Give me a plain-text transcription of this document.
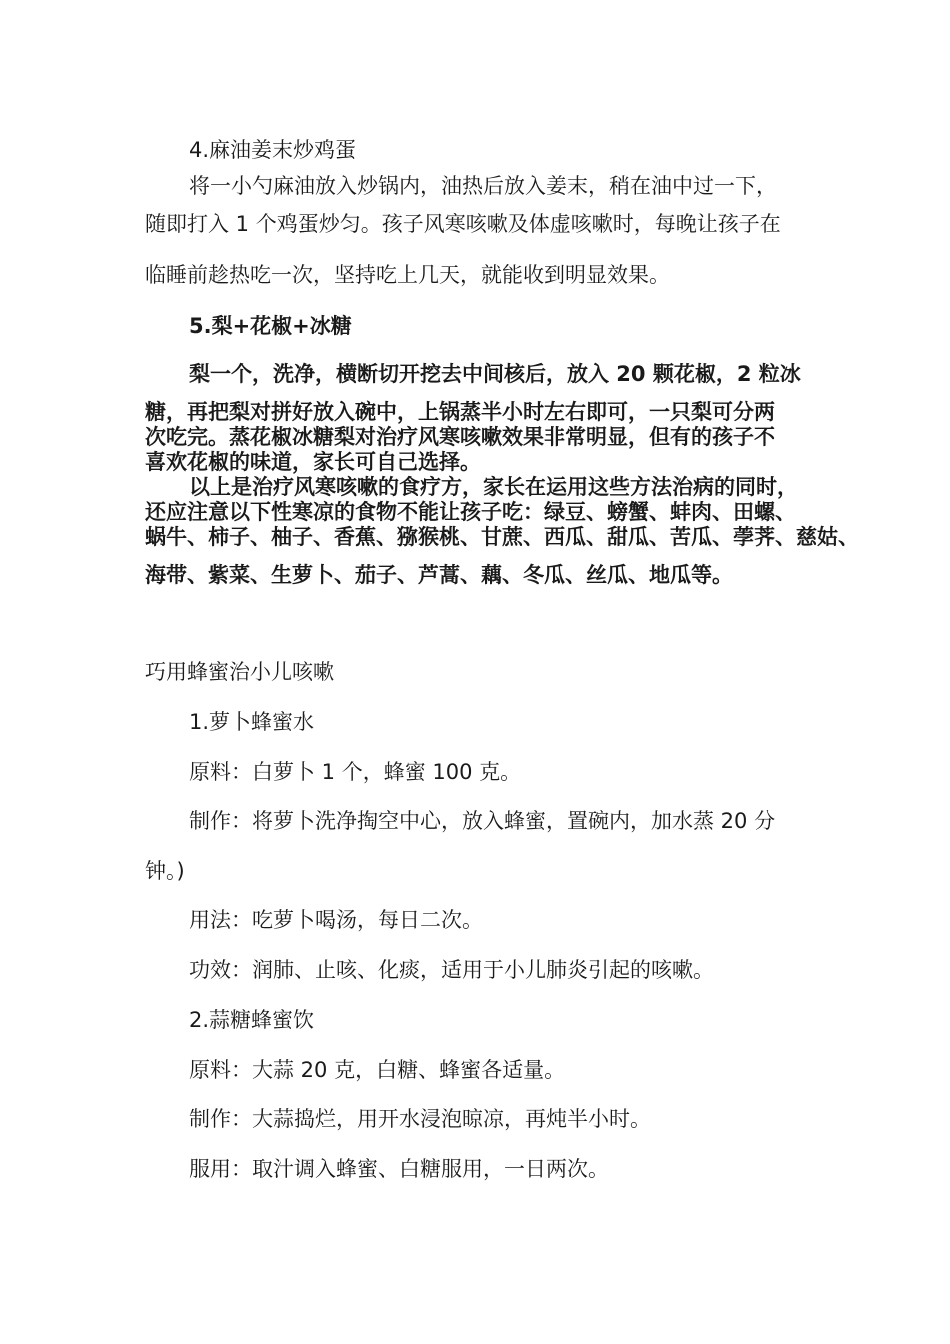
4.麻油姜末炒鸡蛋
将一小勺麻油放入炒锅内，油热后放入姜末，稍在油中过一下，
随即打入 1 个鸡蛋炒匀。孩子风寒咳嗽及体虚咳嗽时，每晚让孩子在
临睡前趁热吃一次，坚持吃上几天，就能收到明显效果。
5.梨+花椒+冰糖
梨一个，洗净，横断切开挖去中间核后，放入 20 颗花椒，2 粒冰
糖，再把梨对拼好放入碗中，上锅蒸半小时左右即可，一只梨可分两
次吃完。蒸花椒冰糖梨对治疗风寒咳嗽效果非常明显，但有的孩子不
喜欢花椒的味道，家长可自己选择。
以上是治疗风寒咳嗽的食疗方，家长在运用这些方法治病的同时，
还应注意以下性寒凉的食物不能让孩子吃：绿豆、螃蟹、蚌肉、田螺、
蜗牛、柿子、柚子、香蕉、猕猴桃、甘蔗、西瓜、甜瓜、苦瓜、荸荠、慈姑、
海带、紫菜、生萝卜、茄子、芦蒿、藕、冬瓜、丝瓜、地瓜等。
巧用蜂蜜治小儿咳嗽
1.萝卜蜂蜜水
原料：白萝卜 1 个，蜂蜜 100 克。
制作：将萝卜洗净掏空中心，放入蜂蜜，置碗内，加水蒸 20 分
钟。)
用法：吃萝卜喝汤，每日二次。
功效：润肺、止咳、化痰，适用于小儿肺炎引起的咳嗽。
2.蒜糖蜂蜜饮
原料：大蒜 20 克，白糖、蜂蜜各适量。
制作：大蒜捣烂，用开水浸泡晾凉，再炖半小时。
服用：取汁调入蜂蜜、白糖服用，一日两次。
